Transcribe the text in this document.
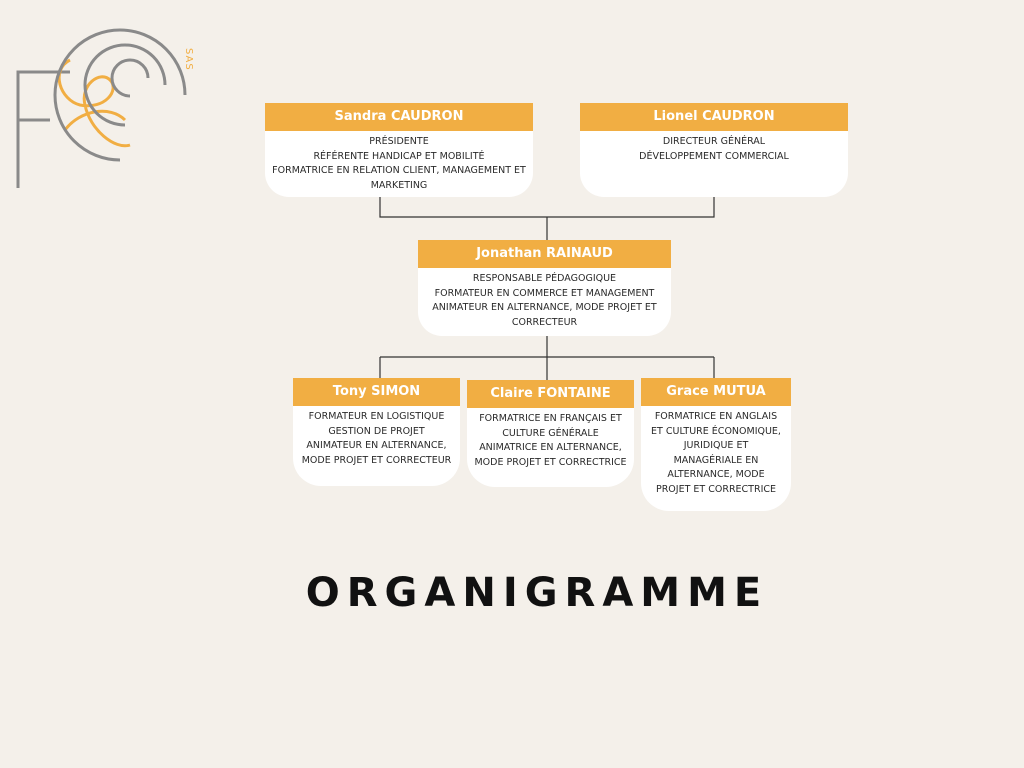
SAS
Sandra CAUDRON
PRÉSIDENTE
RÉFÉRENTE HANDICAP ET MOBILITÉ
FORMATRICE EN RELATION CLIENT, MANAGEMENT ET MARKETING
Lionel CAUDRON
DIRECTEUR GÉNÉRAL
DÉVELOPPEMENT COMMERCIAL
Jonathan RAINAUD
RESPONSABLE PÉDAGOGIQUE
FORMATEUR EN COMMERCE ET MANAGEMENT
ANIMATEUR EN ALTERNANCE, MODE PROJET ET CORRECTEUR
Tony SIMON
FORMATEUR EN LOGISTIQUE
GESTION DE PROJET
ANIMATEUR EN ALTERNANCE, MODE PROJET ET CORRECTEUR
Claire FONTAINE
FORMATRICE EN FRANÇAIS ET CULTURE GÉNÉRALE
ANIMATRICE EN ALTERNANCE, MODE PROJET ET CORRECTRICE
Grace MUTUA
FORMATRICE EN ANGLAIS ET CULTURE ÉCONOMIQUE, JURIDIQUE ET MANAGÉRIALE EN ALTERNANCE, MODE PROJET ET CORRECTRICE
ORGANIGRAMME
